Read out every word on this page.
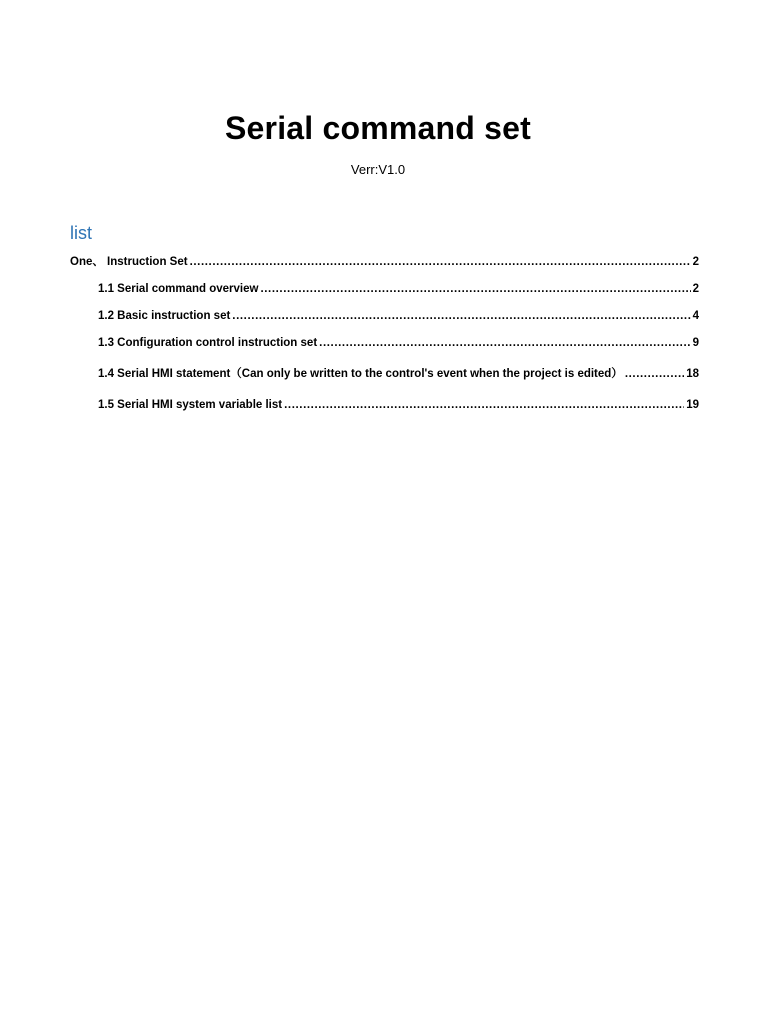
Serial command set
Verr:V1.0
list
One、 Instruction Set .....	2
1.1 Serial command overview .....	2
1.2 Basic instruction set .....	4
1.3 Configuration control instruction set .....	9
1.4 Serial HMI statement（Can only be written to the control's event when the project is edited） .....	18
1.5 Serial HMI system variable list .....	19
